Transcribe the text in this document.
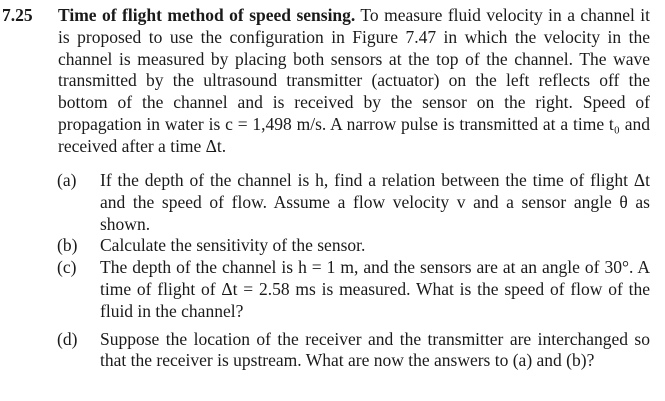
7.25 Time of flight method of speed sensing. To measure fluid velocity in a channel it is proposed to use the configuration in Figure 7.47 in which the velocity in the channel is measured by placing both sensors at the top of the channel. The wave transmitted by the ultrasound transmitter (actuator) on the left reflects off the bottom of the channel and is received by the sensor on the right. Speed of propagation in water is c = 1,498 m/s. A narrow pulse is transmitted at a time t₀ and received after a time Δt.

(a) If the depth of the channel is h, find a relation between the time of flight Δt and the speed of flow. Assume a flow velocity v and a sensor angle θ as shown.
(b) Calculate the sensitivity of the sensor.
(c) The depth of the channel is h = 1 m, and the sensors are at an angle of 30°. A time of flight of Δt = 2.58 ms is measured. What is the speed of flow of the fluid in the channel?
(d) Suppose the location of the receiver and the transmitter are interchanged so that the receiver is upstream. What are now the answers to (a) and (b)?
